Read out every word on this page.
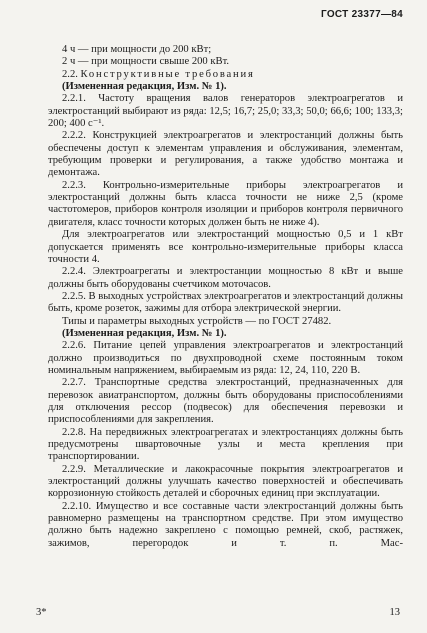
ГОСТ 23377—84

4 ч — при мощности до 200 кВт;

2 ч — при мощности свыше 200 кВт.

2.2. Конструктивные требования

(Измененная редакция, Изм. № 1).

2.2.1. Частоту вращения валов генераторов электроагрегатов и электростанций выбирают из ряда: 12,5; 16,7; 25,0; 33,3; 50,0; 66,6; 100; 133,3; 200; 400 с⁻¹.

2.2.2. Конструкцией электроагрегатов и электростанций должны быть обеспечены доступ к элементам управления и обслуживания, элементам, требующим проверки и регулирования, а также удобство монтажа и демонтажа.

2.2.3. Контрольно-измерительные приборы электроагрегатов и электростанций должны быть класса точности не ниже 2,5 (кроме частотомеров, приборов контроля изоляции и приборов контроля первичного двигателя, класс точности которых должен быть не ниже 4).

Для электроагрегатов или электростанций мощностью 0,5 и 1 кВт допускается применять все контрольно-измерительные приборы класса точности 4.

2.2.4. Электроагрегаты и электростанции мощностью 8 кВт и выше должны быть оборудованы счетчиком моточасов.

2.2.5. В выходных устройствах электроагрегатов и электростанций должны быть, кроме розеток, зажимы для отбора электрической энергии.

Типы и параметры выходных устройств — по ГОСТ 27482.

(Измененная редакция, Изм. № 1).

2.2.6. Питание цепей управления электроагрегатов и электростанций должно производиться по двухпроводной схеме постоянным током номинальным напряжением, выбираемым из ряда: 12, 24, 110, 220 В.

2.2.7. Транспортные средства электростанций, предназначенных для перевозок авиатранспортом, должны быть оборудованы приспособлениями для отключения рессор (подвесок) для обеспечения перевозки и приспособлениями для закрепления.

2.2.8. На передвижных электроагрегатах и электростанциях должны быть предусмотрены швартовочные узлы и места крепления при транспортировании.

2.2.9. Металлические и лакокрасочные покрытия электроагрегатов и электростанций должны улучшать качество поверхностей и обеспечивать коррозионную стойкость деталей и сборочных единиц при эксплуатации.

2.2.10. Имущество и все составные части электростанций должны быть равномерно размещены на транспортном средстве. При этом имущество должно быть надежно закреплено с помощью ремней, скоб, растяжек, зажимов, перегородок и т. п. Мас-

3*	13
